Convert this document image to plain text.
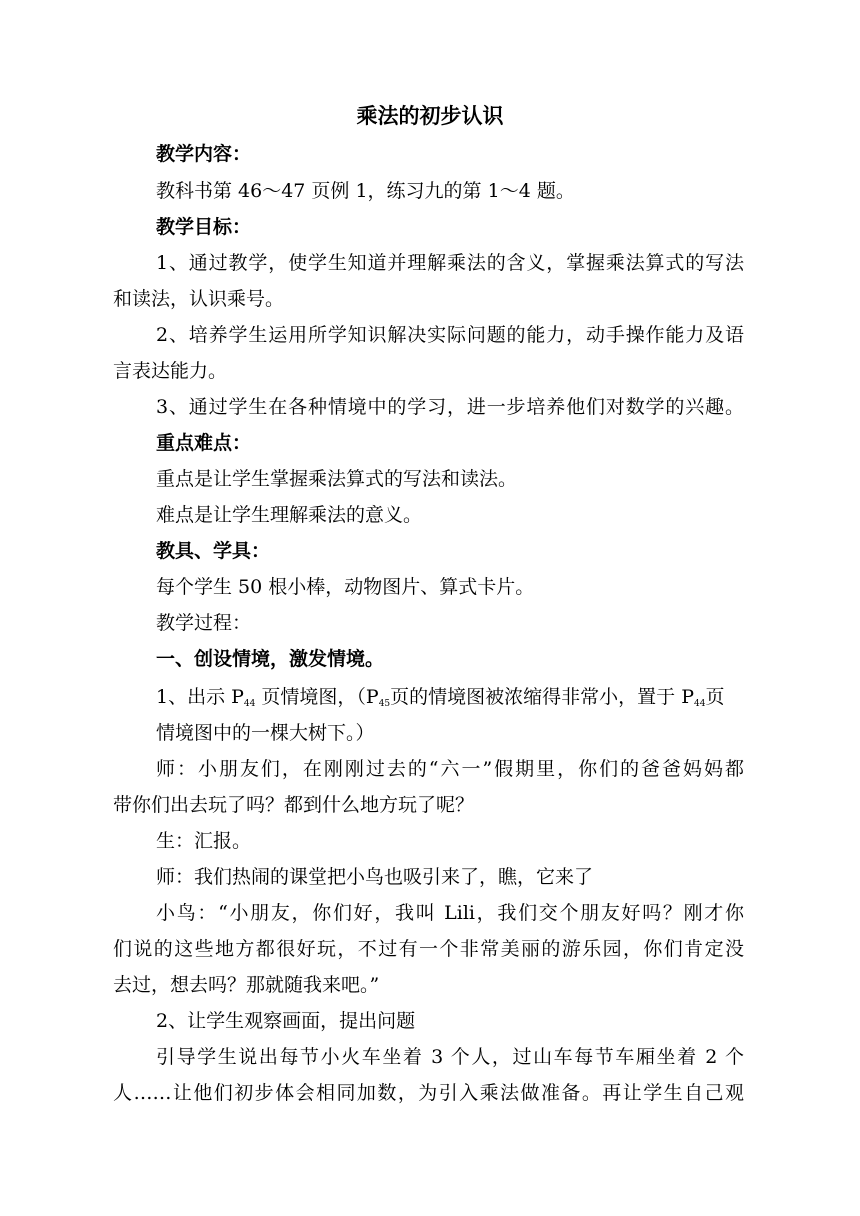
乘法的初步认识
教学内容：
教科书第 46～47 页例 1，练习九的第 1～4 题。
教学目标：
1、通过教学，使学生知道并理解乘法的含义，掌握乘法算式的写法
和读法，认识乘号。
2、培养学生运用所学知识解决实际问题的能力，动手操作能力及语
言表达能力。
3、通过学生在各种情境中的学习，进一步培养他们对数学的兴趣。
重点难点：
重点是让学生掌握乘法算式的写法和读法。
难点是让学生理解乘法的意义。
教具、学具：
每个学生 50 根小棒，动物图片、算式卡片。
教学过程：
一、创设情境，激发情境。
1、出示 $P_{44}$ 页情境图，（$P_{45}$页的情境图被浓缩得非常小，置于 $P_{44}$页
情境图中的一棵大树下。）
师：小朋友们，在刚刚过去的“六一”假期里，你们的爸爸妈妈都
带你们出去玩了吗？都到什么地方玩了呢？
生：汇报。
师：我们热闹的课堂把小鸟也吸引来了，瞧，它来了
小鸟：“小朋友，你们好，我叫 Lili，我们交个朋友好吗？刚才你
们说的这些地方都很好玩，不过有一个非常美丽的游乐园，你们肯定没
去过，想去吗？那就随我来吧。”
2、让学生观察画面，提出问题
引导学生说出每节小火车坐着 3 个人，过山车每节车厢坐着 2 个
人……让他们初步体会相同加数，为引入乘法做准备。再让学生自己观
